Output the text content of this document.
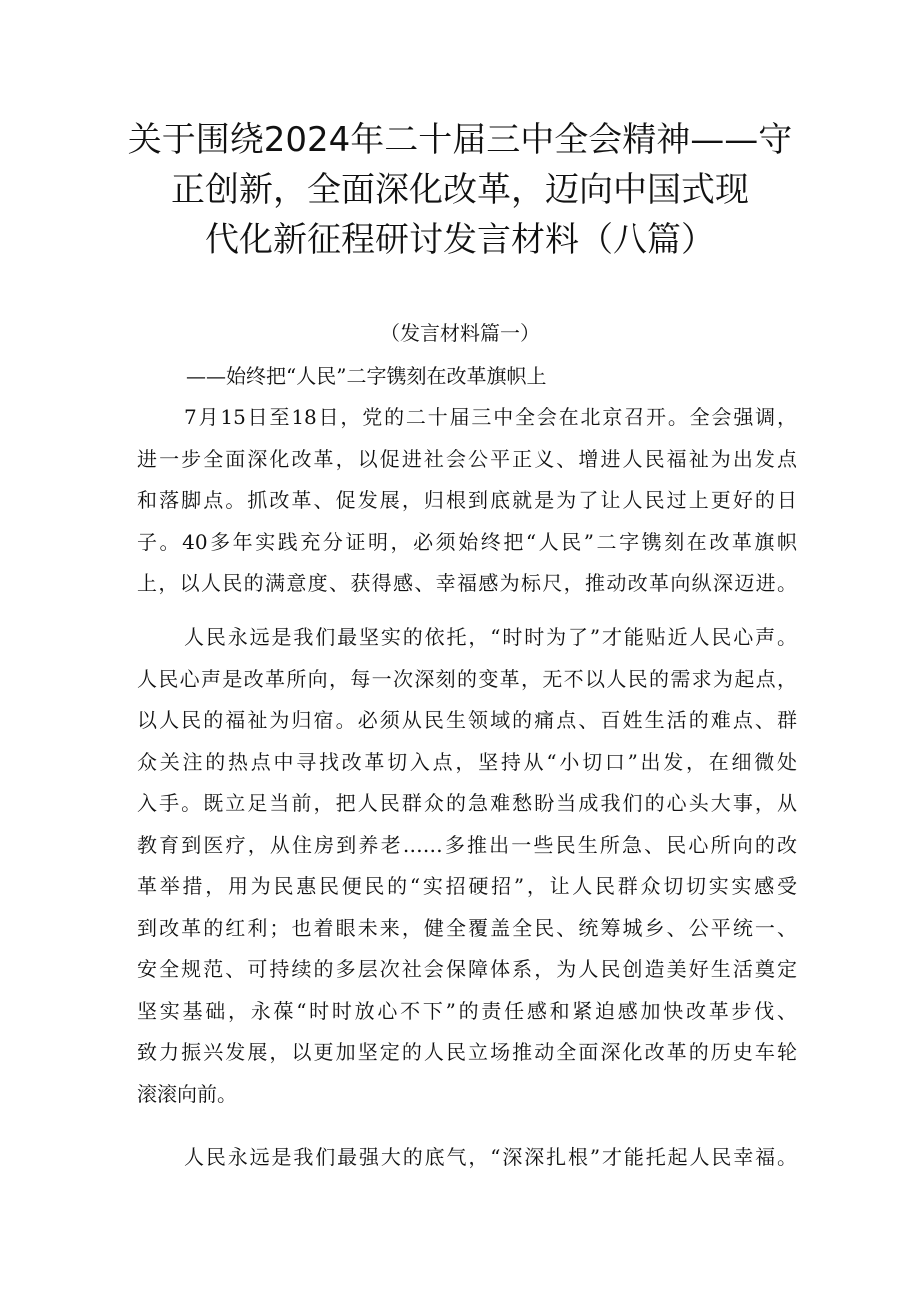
关于围绕2024年二十届三中全会精神——守
正创新，全面深化改革，迈向中国式现
代化新征程研讨发言材料（八篇）
（发言材料篇一）
——始终把“人民”二字镌刻在改革旗帜上
7月15日至18日，党的二十届三中全会在北京召开。全会强调，
进一步全面深化改革，以促进社会公平正义、增进人民福祉为出发点
和落脚点。抓改革、促发展，归根到底就是为了让人民过上更好的日
子。40多年实践充分证明，必须始终把“人民”二字镌刻在改革旗帜
上，以人民的满意度、获得感、幸福感为标尺，推动改革向纵深迈进。
人民永远是我们最坚实的依托，“时时为了”才能贴近人民心声。
人民心声是改革所向，每一次深刻的变革，无不以人民的需求为起点，
以人民的福祉为归宿。必须从民生领域的痛点、百姓生活的难点、群
众关注的热点中寻找改革切入点，坚持从“小切口”出发，在细微处
入手。既立足当前，把人民群众的急难愁盼当成我们的心头大事，从
教育到医疗，从住房到养老……多推出一些民生所急、民心所向的改
革举措，用为民惠民便民的“实招硬招”，让人民群众切切实实感受
到改革的红利；也着眼未来，健全覆盖全民、统筹城乡、公平统一、
安全规范、可持续的多层次社会保障体系，为人民创造美好生活奠定
坚实基础，永葆“时时放心不下”的责任感和紧迫感加快改革步伐、
致力振兴发展，以更加坚定的人民立场推动全面深化改革的历史车轮
滚滚向前。
人民永远是我们最强大的底气，“深深扎根”才能托起人民幸福。
